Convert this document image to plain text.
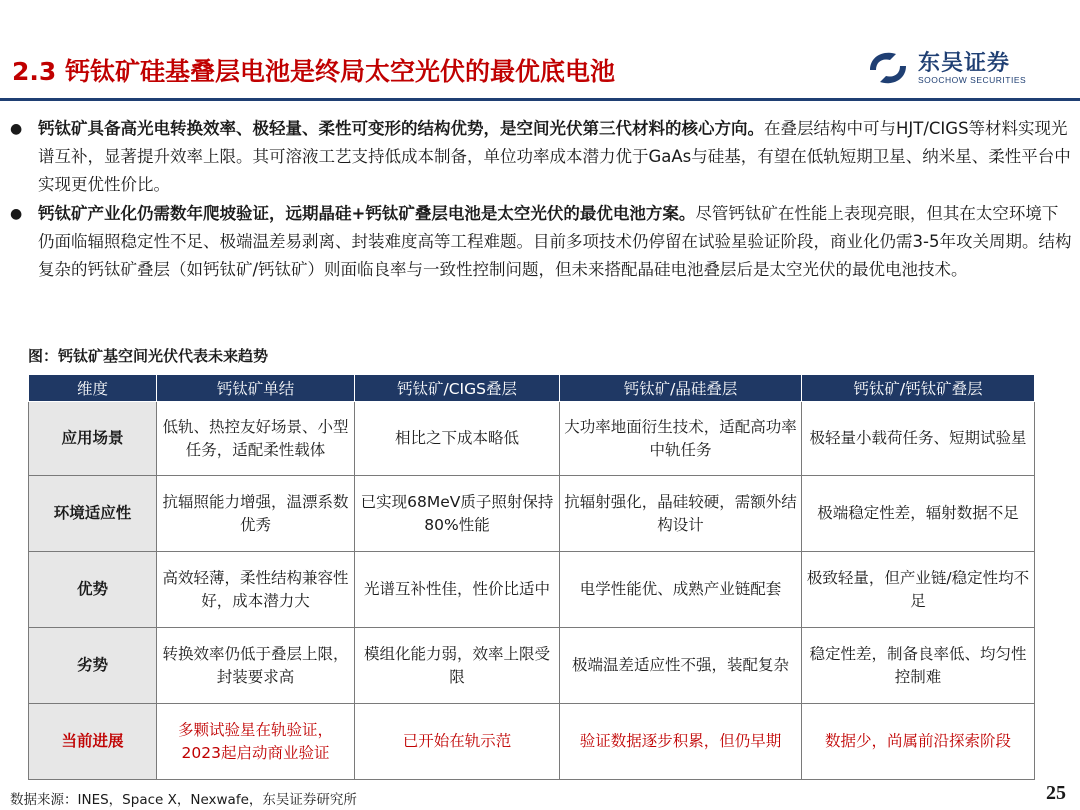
2.3 钙钛矿硅基叠层电池是终局太空光伏的最优底电池	东吴证券
SOOCHOW SECURITIES
● 钙钛矿具备高光电转换效率、极轻量、柔性可变形的结构优势，是空间光伏第三代材料的核心方向。在叠层结构中可与HJT/CIGS等材料实现光谱互补，显著提升效率上限。其可溶液工艺支持低成本制备，单位功率成本潜力优于GaAs与硅基，有望在低轨短期卫星、纳米星、柔性平台中实现更优性价比。
● 钙钛矿产业化仍需数年爬坡验证，远期晶硅+钙钛矿叠层电池是太空光伏的最优电池方案。尽管钙钛矿在性能上表现亮眼，但其在太空环境下仍面临辐照稳定性不足、极端温差易剥离、封装难度高等工程难题。目前多项技术仍停留在试验星验证阶段，商业化仍需3-5年攻关周期。结构复杂的钙钛矿叠层（如钙钛矿/钙钛矿）则面临良率与一致性控制问题，但未来搭配晶硅电池叠层后是太空光伏的最优电池技术。
图：钙钛矿基空间光伏代表未来趋势
维度	钙钛矿单结	钙钛矿/CIGS叠层	钙钛矿/晶硅叠层	钙钛矿/钙钛矿叠层
应用场景	低轨、热控友好场景、小型任务，适配柔性载体	相比之下成本略低	大功率地面衍生技术，适配高功率中轨任务	极轻量小载荷任务、短期试验星
环境适应性	抗辐照能力增强，温漂系数优秀	已实现68MeV质子照射保持80%性能	抗辐射强化，晶硅较硬，需额外结构设计	极端稳定性差，辐射数据不足
优势	高效轻薄，柔性结构兼容性好，成本潜力大	光谱互补性佳，性价比适中	电学性能优、成熟产业链配套	极致轻量，但产业链/稳定性均不足
劣势	转换效率仍低于叠层上限，封装要求高	模组化能力弱，效率上限受限	极端温差适应性不强，装配复杂	稳定性差，制备良率低、均匀性控制难
当前进展	多颗试验星在轨验证，2023起启动商业验证	已开始在轨示范	验证数据逐步积累，但仍早期	数据少，尚属前沿探索阶段
数据来源：INES，Space X，Nexwafe，东吴证券研究所	25
